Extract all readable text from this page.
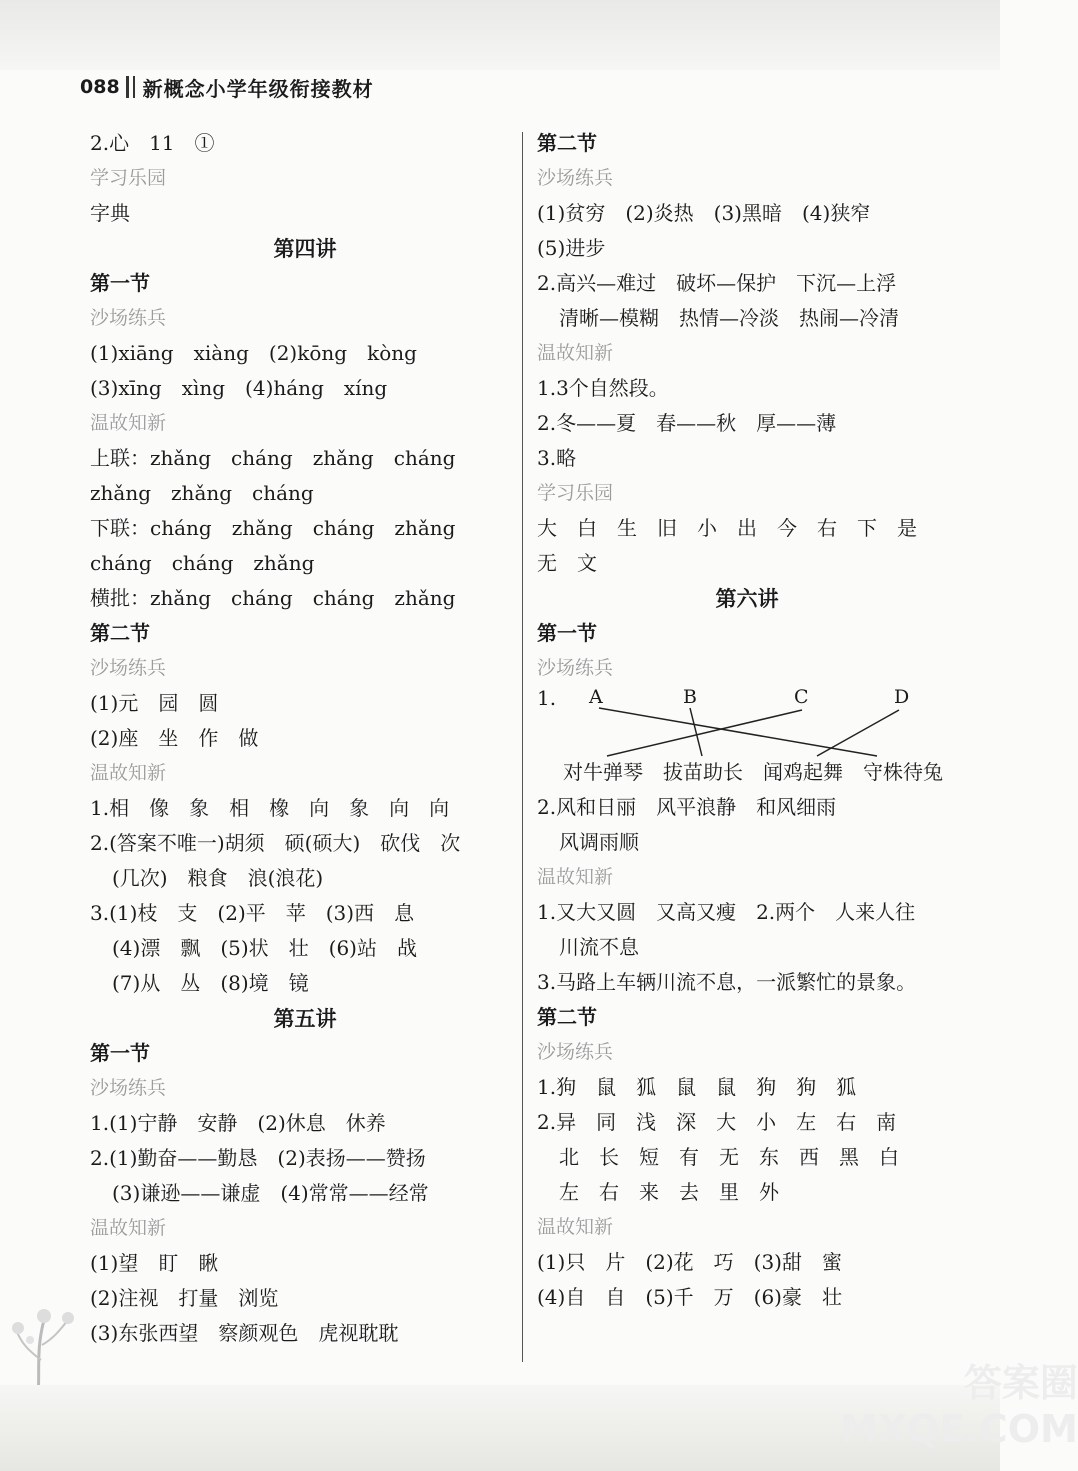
088 新概念小学年级衔接教材
2.心　11　①
学习乐园
字典
第四讲
第一节
沙场练兵
(1)xiāng　xiàng　(2)kōng　kòng
(3)xīng　xìng　(4)háng　xíng
温故知新
上联：zhǎng　cháng　zhǎng　cháng
zhǎng　zhǎng　cháng
下联：cháng　zhǎng　cháng　zhǎng
cháng　cháng　zhǎng
横批：zhǎng　cháng　cháng　zhǎng
第二节
沙场练兵
(1)元　园　圆
(2)座　坐　作　做
温故知新
1.相　像　象　相　橡　向　象　向　向
2.(答案不唯一)胡须　硕(硕大)　砍伐　次
(几次)　粮食　浪(浪花)
3.(1)枝　支　(2)平　苹　(3)西　息
(4)漂　飘　(5)状　壮　(6)站　战
(7)从　丛　(8)境　镜
第五讲
第一节
沙场练兵
1.(1)宁静　安静　(2)休息　休养
2.(1)勤奋——勤恳　(2)表扬——赞扬
(3)谦逊——谦虚　(4)常常——经常
温故知新
(1)望　盯　瞅
(2)注视　打量　浏览
(3)东张西望　察颜观色　虎视耽耽
第二节
沙场练兵
(1)贫穷　(2)炎热　(3)黑暗　(4)狭窄
(5)进步
2.高兴—难过　破坏—保护　下沉—上浮
清晰—模糊　热情—冷淡　热闹—冷清
温故知新
1.3个自然段。
2.冬——夏　春——秋　厚——薄
3.略
学习乐园
大　白　生　旧　小　出　今　右　下　是
无　文
第六讲
第一节
沙场练兵
1. A	B	C	D
对牛弹琴　拔苗助长　闻鸡起舞　守株待兔
2.风和日丽　风平浪静　和风细雨
风调雨顺
温故知新
1.又大又圆　又高又瘦　2.两个　人来人往
川流不息
3.马路上车辆川流不息，一派繁忙的景象。
第二节
沙场练兵
1.狗　鼠　狐　鼠　鼠　狗　狗　狐
2.异　同　浅　深　大　小　左　右　南
北　长　短　有　无　东　西　黑　白
左　右　来　去　里　外
温故知新
(1)只　片　(2)花　巧　(3)甜　蜜
(4)自　自　(5)千　万　(6)豪　壮
答案圈
MXQE.COM
